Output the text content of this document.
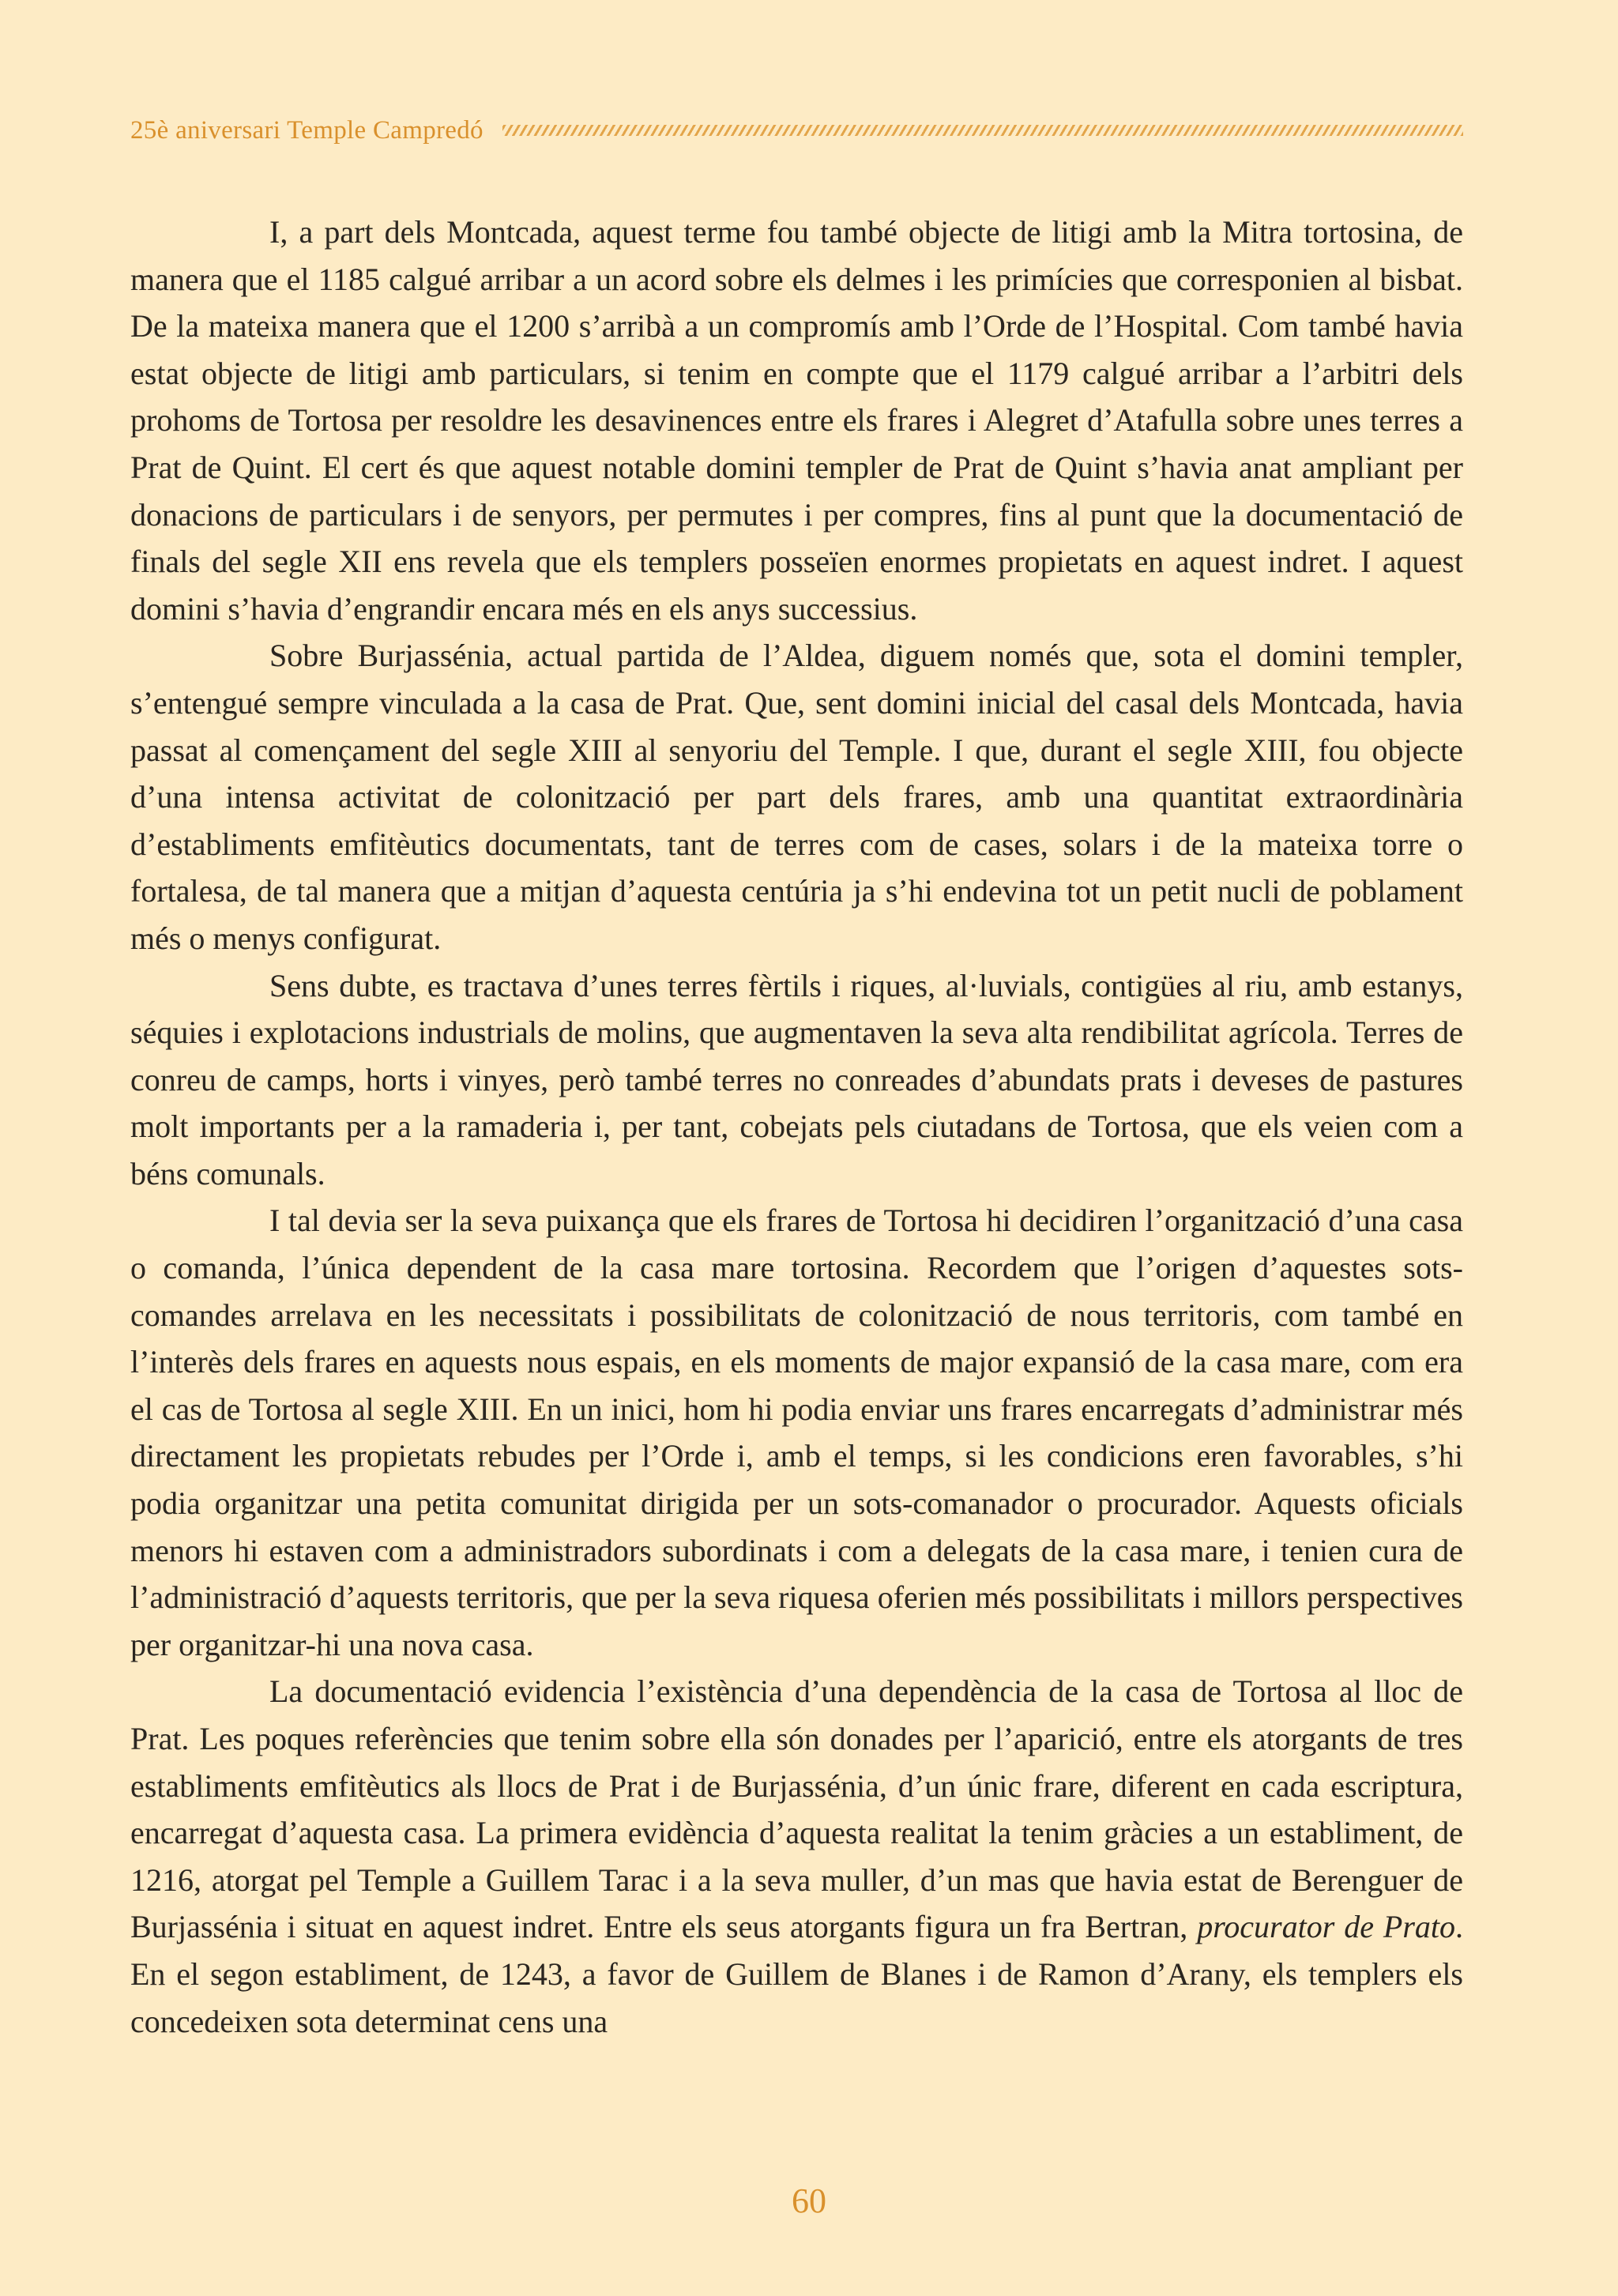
25è aniversari Temple Campredó

I, a part dels Montcada, aquest terme fou també objecte de litigi amb la Mitra tortosina, de manera que el 1185 calgué arribar a un acord sobre els delmes i les primícies que corresponien al bisbat. De la mateixa manera que el 1200 s’arribà a un compromís amb l’Orde de l’Hospital. Com també havia estat objecte de litigi amb particulars, si tenim en compte que el 1179 calgué arribar a l’arbitri dels prohoms de Tortosa per resoldre les desavinences entre els frares i Alegret d’Atafulla sobre unes terres a Prat de Quint. El cert és que aquest notable domini templer de Prat de Quint s’havia anat ampliant per donacions de particulars i de senyors, per permutes i per compres, fins al punt que la documentació de finals del segle XII ens revela que els templers posseïen enormes propietats en aquest indret. I aquest domini s’havia d’engrandir encara més en els anys successius.

Sobre Burjassénia, actual partida de l’Aldea, diguem només que, sota el domini templer, s’entengué sempre vinculada a la casa de Prat. Que, sent domini inicial del casal dels Montcada, havia passat al començament del segle XIII al senyoriu del Temple. I que, durant el segle XIII, fou objecte d’una intensa activitat de colonització per part dels frares, amb una quantitat extraordinària d’establiments emfitèutics documentats, tant de terres com de cases, solars i de la mateixa torre o fortalesa, de tal manera que a mitjan d’aquesta centúria ja s’hi endevina tot un petit nucli de poblament més o menys configurat.

Sens dubte, es tractava d’unes terres fèrtils i riques, al·luvials, contigües al riu, amb estanys, séquies i explotacions industrials de molins, que augmentaven la seva alta rendibilitat agrícola. Terres de conreu de camps, horts i vinyes, però també terres no conreades d’abundats prats i deveses de pastures molt importants per a la ramaderia i, per tant, cobejats pels ciutadans de Tortosa, que els veien com a béns comunals.

I tal devia ser la seva puixança que els frares de Tortosa hi decidiren l’organització d’una casa o comanda, l’única dependent de la casa mare tortosina. Recordem que l’origen d’aquestes sots-comandes arrelava en les necessitats i possibilitats de colonització de nous territoris, com també en l’interès dels frares en aquests nous espais, en els moments de major expansió de la casa mare, com era el cas de Tortosa al segle XIII. En un inici, hom hi podia enviar uns frares encarregats d’administrar més directament les propietats rebudes per l’Orde i, amb el temps, si les condicions eren favorables, s’hi podia organitzar una petita comunitat dirigida per un sots-comanador o procurador. Aquests oficials menors hi estaven com a administradors subordinats i com a delegats de la casa mare, i tenien cura de l’administració d’aquests territoris, que per la seva riquesa oferien més possibilitats i millors perspectives per organitzar-hi una nova casa.

La documentació evidencia l’existència d’una dependència de la casa de Tortosa al lloc de Prat. Les poques referències que tenim sobre ella són donades per l’aparició, entre els atorgants de tres establiments emfitèutics als llocs de Prat i de Burjassénia, d’un únic frare, diferent en cada escriptura, encarregat d’aquesta casa. La primera evidència d’aquesta realitat la tenim gràcies a un establiment, de 1216, atorgat pel Temple a Guillem Tarac i a la seva muller, d’un mas que havia estat de Berenguer de Burjassénia i situat en aquest indret. Entre els seus atorgants figura un fra Bertran, procurator de Prato. En el segon establiment, de 1243, a favor de Guillem de Blanes i de Ramon d’Arany, els templers els concedeixen sota determinat cens una

60
